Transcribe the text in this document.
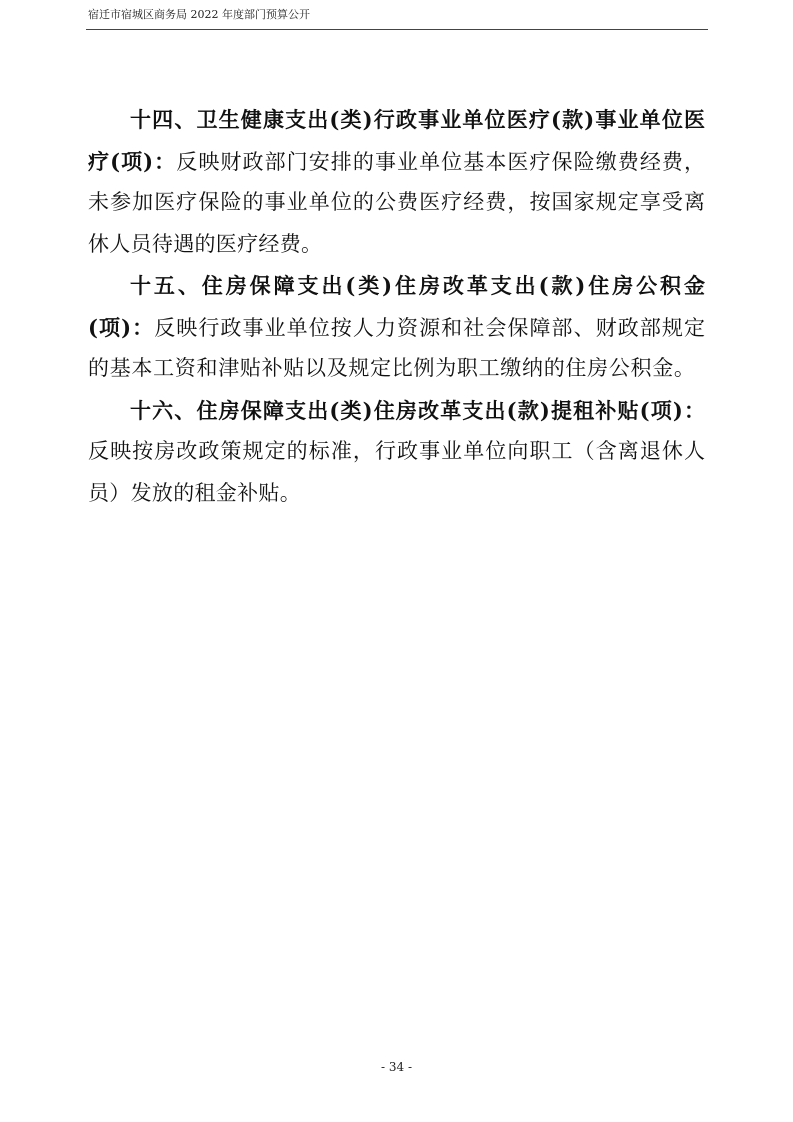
宿迁市宿城区商务局 2022 年度部门预算公开
十四、卫生健康支出(类)行政事业单位医疗(款)事业单位医
疗(项)：反映财政部门安排的事业单位基本医疗保险缴费经费，
未参加医疗保险的事业单位的公费医疗经费，按国家规定享受离
休人员待遇的医疗经费。
十五、住房保障支出(类)住房改革支出(款)住房公积金
(项)：反映行政事业单位按人力资源和社会保障部、财政部规定
的基本工资和津贴补贴以及规定比例为职工缴纳的住房公积金。
十六、住房保障支出(类)住房改革支出(款)提租补贴(项)：
反映按房改政策规定的标准，行政事业单位向职工（含离退休人
员）发放的租金补贴。
- 34 -
